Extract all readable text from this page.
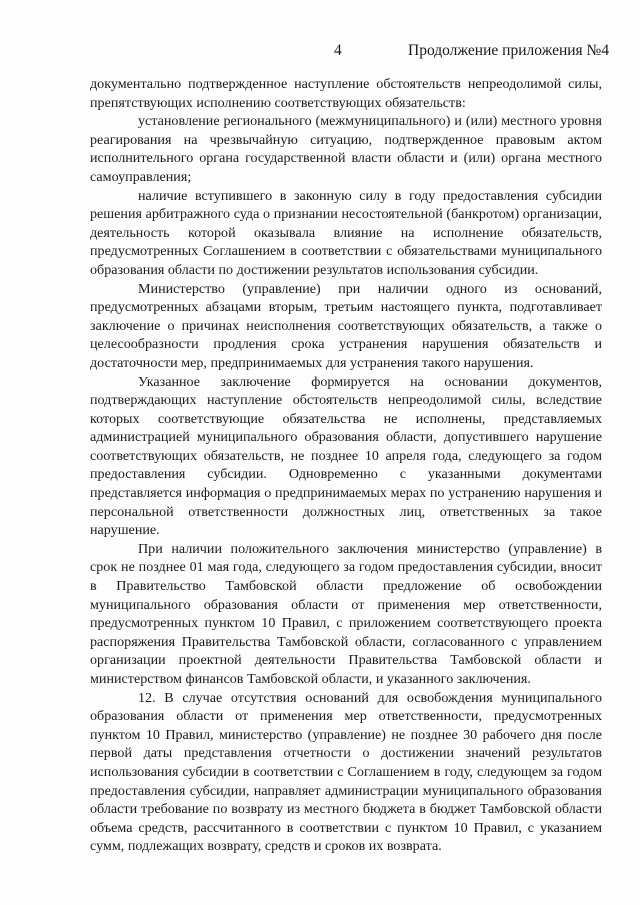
4	Продолжение приложения №4

документально подтвержденное наступление обстоятельств непреодолимой силы, препятствующих исполнению соответствующих обязательств:

установление регионального (межмуниципального) и (или) местного уровня реагирования на чрезвычайную ситуацию, подтвержденное правовым актом исполнительного органа государственной власти области и (или) органа местного самоуправления;

наличие вступившего в законную силу в году предоставления субсидии решения арбитражного суда о признании несостоятельной (банкротом) организации, деятельность которой оказывала влияние на исполнение обязательств, предусмотренных Соглашением в соответствии с обязательствами муниципального образования области по достижении результатов использования субсидии.

Министерство (управление) при наличии одного из оснований, предусмотренных абзацами вторым, третьим настоящего пункта, подготавливает заключение о причинах неисполнения соответствующих обязательств, а также о целесообразности продления срока устранения нарушения обязательств и достаточности мер, предпринимаемых для устранения такого нарушения.

Указанное заключение формируется на основании документов, подтверждающих наступление обстоятельств непреодолимой силы, вследствие которых соответствующие обязательства не исполнены, представляемых администрацией муниципального образования области, допустившего нарушение соответствующих обязательств, не позднее 10 апреля года, следующего за годом предоставления субсидии. Одновременно с указанными документами представляется информация о предпринимаемых мерах по устранению нарушения и персональной ответственности должностных лиц, ответственных за такое нарушение.

При наличии положительного заключения министерство (управление) в срок не позднее 01 мая года, следующего за годом предоставления субсидии, вносит в Правительство Тамбовской области предложение об освобождении муниципального образования области от применения мер ответственности, предусмотренных пунктом 10 Правил, с приложением соответствующего проекта распоряжения Правительства Тамбовской области, согласованного с управлением организации проектной деятельности Правительства Тамбовской области и министерством финансов Тамбовской области, и указанного заключения.

12. В случае отсутствия оснований для освобождения муниципального образования области от применения мер ответственности, предусмотренных пунктом 10 Правил, министерство (управление) не позднее 30 рабочего дня после первой даты представления отчетности о достижении значений результатов использования субсидии в соответствии с Соглашением в году, следующем за годом предоставления субсидии, направляет администрации муниципального образования области требование по возврату из местного бюджета в бюджет Тамбовской области объема средств, рассчитанного в соответствии с пунктом 10 Правил, с указанием сумм, подлежащих возврату, средств и сроков их возврата.
